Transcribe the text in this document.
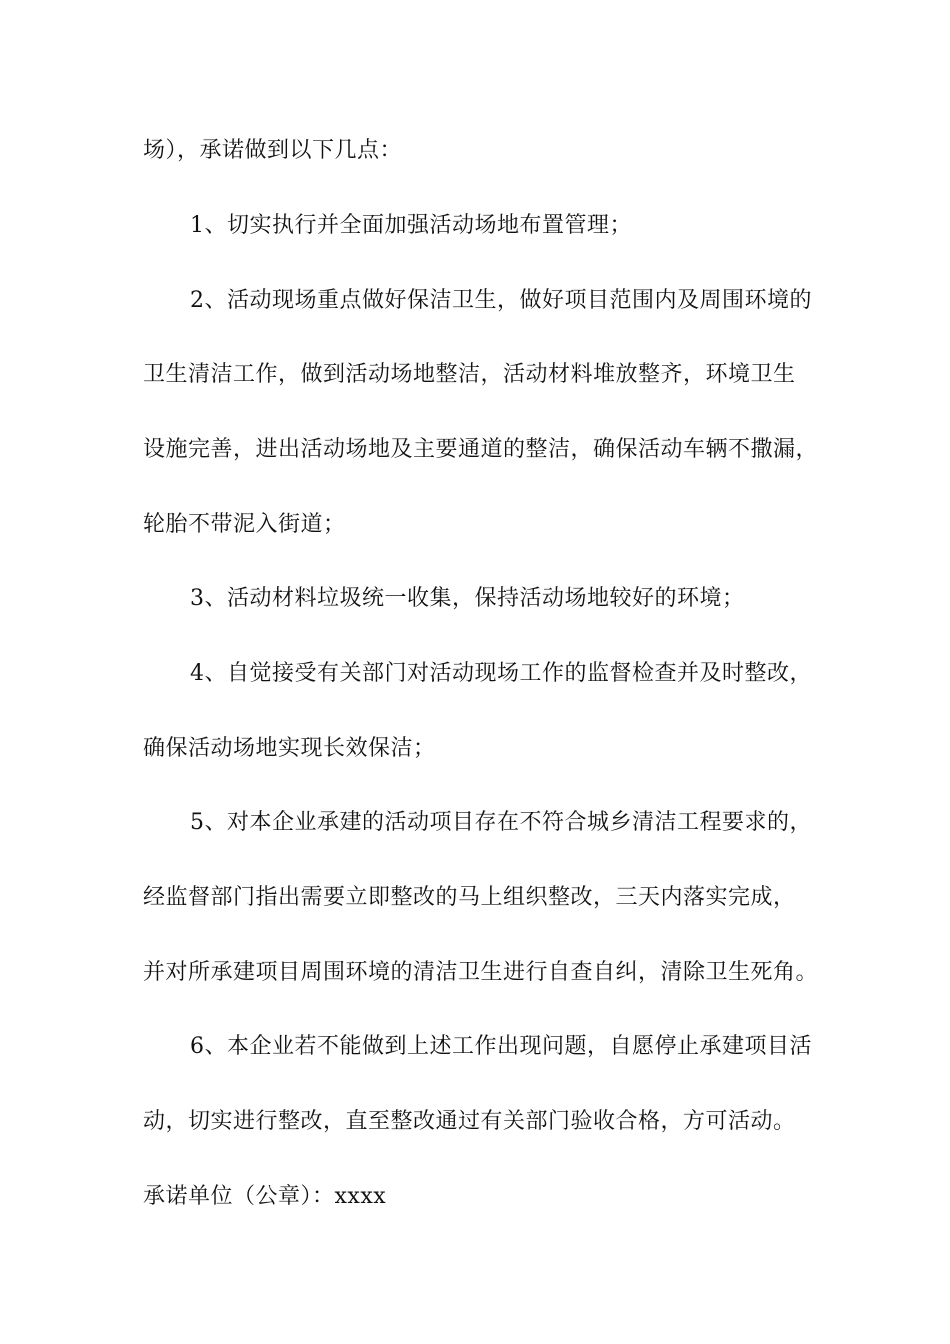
场），承诺做到以下几点：
1、切实执行并全面加强活动场地布置管理；
2、活动现场重点做好保洁卫生，做好项目范围内及周围环境的
卫生清洁工作，做到活动场地整洁，活动材料堆放整齐，环境卫生
设施完善，进出活动场地及主要通道的整洁，确保活动车辆不撒漏，
轮胎不带泥入街道；
3、活动材料垃圾统一收集，保持活动场地较好的环境；
4、自觉接受有关部门对活动现场工作的监督检查并及时整改，
确保活动场地实现长效保洁；
5、对本企业承建的活动项目存在不符合城乡清洁工程要求的，
经监督部门指出需要立即整改的马上组织整改，三天内落实完成，
并对所承建项目周围环境的清洁卫生进行自查自纠，清除卫生死角。
6、本企业若不能做到上述工作出现问题，自愿停止承建项目活
动，切实进行整改，直至整改通过有关部门验收合格，方可活动。
承诺单位（公章）：xxxx
